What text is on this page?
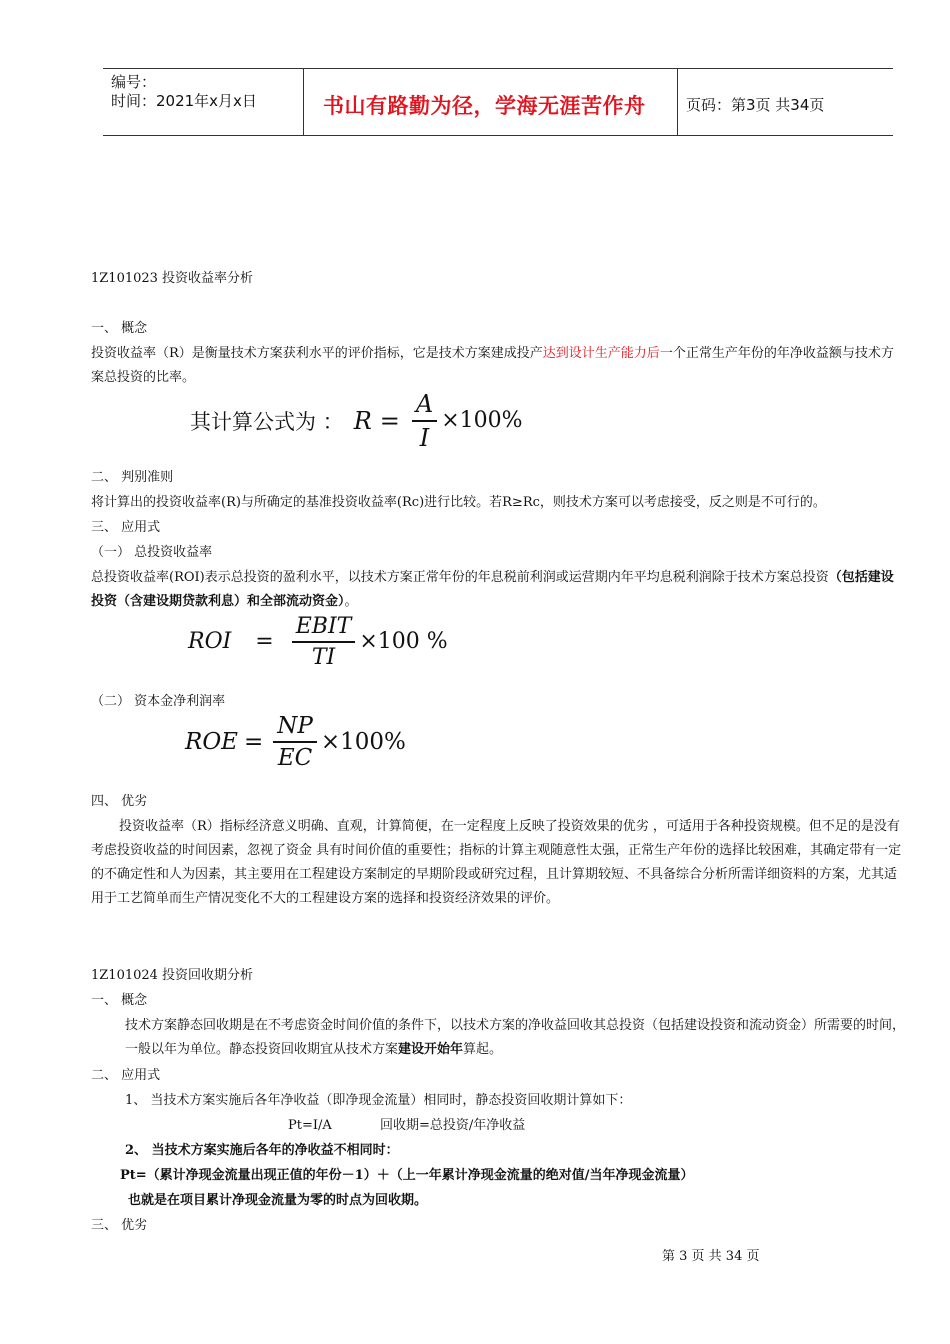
编号：
时间：2021年x月x日	书山有路勤为径，学海无涯苦作舟	页码：第3页 共34页
1Z101023 投资收益率分析
一、 概念
投资收益率（R）是衡量技术方案获利水平的评价指标，它是技术方案建成投产达到设计生产能力后一个正常生产年份的年净收益额与技术方案总投资的比率。
其计算公式为 ： $R = \frac{A}{I} \times 100\%$
二、 判别准则
将计算出的投资收益率(R)与所确定的基准投资收益率(Rc)进行比较。若R≥Rc，则技术方案可以考虑接受，反之则是不可行的。
三、 应用式
（一） 总投资收益率
总投资收益率(ROI)表示总投资的盈利水平，以技术方案正常年份的年息税前利润或运营期内年平均息税利润除于技术方案总投资（包括建设投资（含建设期贷款利息）和全部流动资金）。
ROI = $\frac{\text{EBIT}}{TI} \times 100$ %
（二） 资本金净利润率
ROE = $\frac{NP}{EC} \times 100\%$
四、 优劣
投资收益率（R）指标经济意义明确、直观，计算简便，在一定程度上反映了投资效果的优劣 ，可适用于各种投资规模。但不足的是没有考虑投资收益的时间因素，忽视了资金 具有时间价值的重要性；指标的计算主观随意性太强，正常生产年份的选择比较困难，其确定带有一定的不确定性和人为因素，其主要用在工程建设方案制定的早期阶段或研究过程，且计算期较短、不具备综合分析所需详细资料的方案，尤其适用于工艺简单而生产情况变化不大的工程建设方案的选择和投资经济效果的评价。
1Z101024 投资回收期分析
一、 概念
技术方案静态回收期是在不考虑资金时间价值的条件下，以技术方案的净收益回收其总投资（包括建设投资和流动资金）所需要的时间，一般以年为单位。静态投资回收期宜从技术方案建设开始年算起。
二、 应用式
1、 当技术方案实施后各年净收益（即净现金流量）相同时，静态投资回收期计算如下：
Pt=I/A	回收期=总投资/年净收益
2、 当技术方案实施后各年的净收益不相同时：
Pt=（累计净现金流量出现正值的年份－1）＋（上一年累计净现金流量的绝对值/当年净现金流量）
也就是在项目累计净现金流量为零的时点为回收期。
三、 优劣
第 3 页 共 34 页
